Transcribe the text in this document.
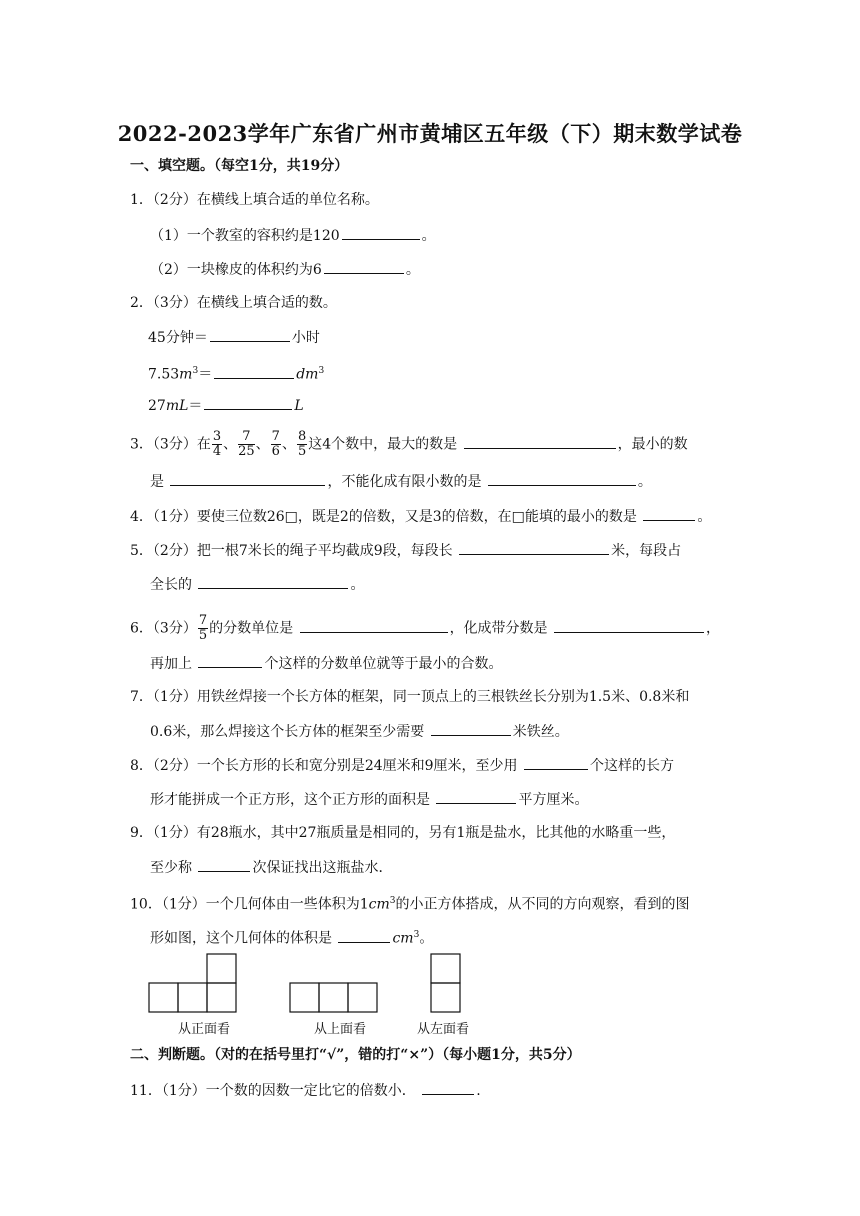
2022-2023学年广东省广州市黄埔区五年级（下）期末数学试卷
一、填空题。（每空1分，共19分）
1．（2分）在横线上填合适的单位名称。
（1）一个教室的容积约是120	。
（2）一块橡皮的体积约为6	。
2．（3分）在横线上填合适的数。
45分钟＝	小时
$7.53m^3=$	$dm^3$
27mL＝	L
3．（3分）在 $\frac{3}{4}$ 、 $\frac{7}{25}$ 、 $\frac{7}{6}$ 、 $\frac{8}{5}$ 这4个数中，最大的数是	，最小的数
是	，不能化成有限小数的是	。
4．（1分）要使三位数26□，既是2的倍数，又是3的倍数，在□能填的最小的数是	。
5．（2分）把一根7米长的绳子平均截成9段，每段长	米，每段占
全长的	。
6．（3分） $\frac{7}{5}$ 的分数单位是	，化成带分数是	，
再加上	个这样的分数单位就等于最小的合数。
7．（1分）用铁丝焊接一个长方体的框架，同一顶点上的三根铁丝长分别为1.5米、0.8米和
0.6米，那么焊接这个长方体的框架至少需要	米铁丝。
8．（2分）一个长方形的长和宽分别是24厘米和9厘米，至少用	个这样的长方
形才能拼成一个正方形，这个正方形的面积是	平方厘米。
9．（1分）有28瓶水，其中27瓶质量是相同的，另有1瓶是盐水，比其他的水略重一些，
至少称	次保证找出这瓶盐水．
10．（1分）一个几何体由一些体积为$1cm^3$的小正方体搭成，从不同的方向观察，看到的图
形如图，这个几何体的体积是	$cm^3$。
从正面看	从上面看	从左面看
二、判断题。（对的在括号里打“√”，错的打“×”）（每小题1分，共5分）
11．（1分）一个数的因数一定比它的倍数小．	.
